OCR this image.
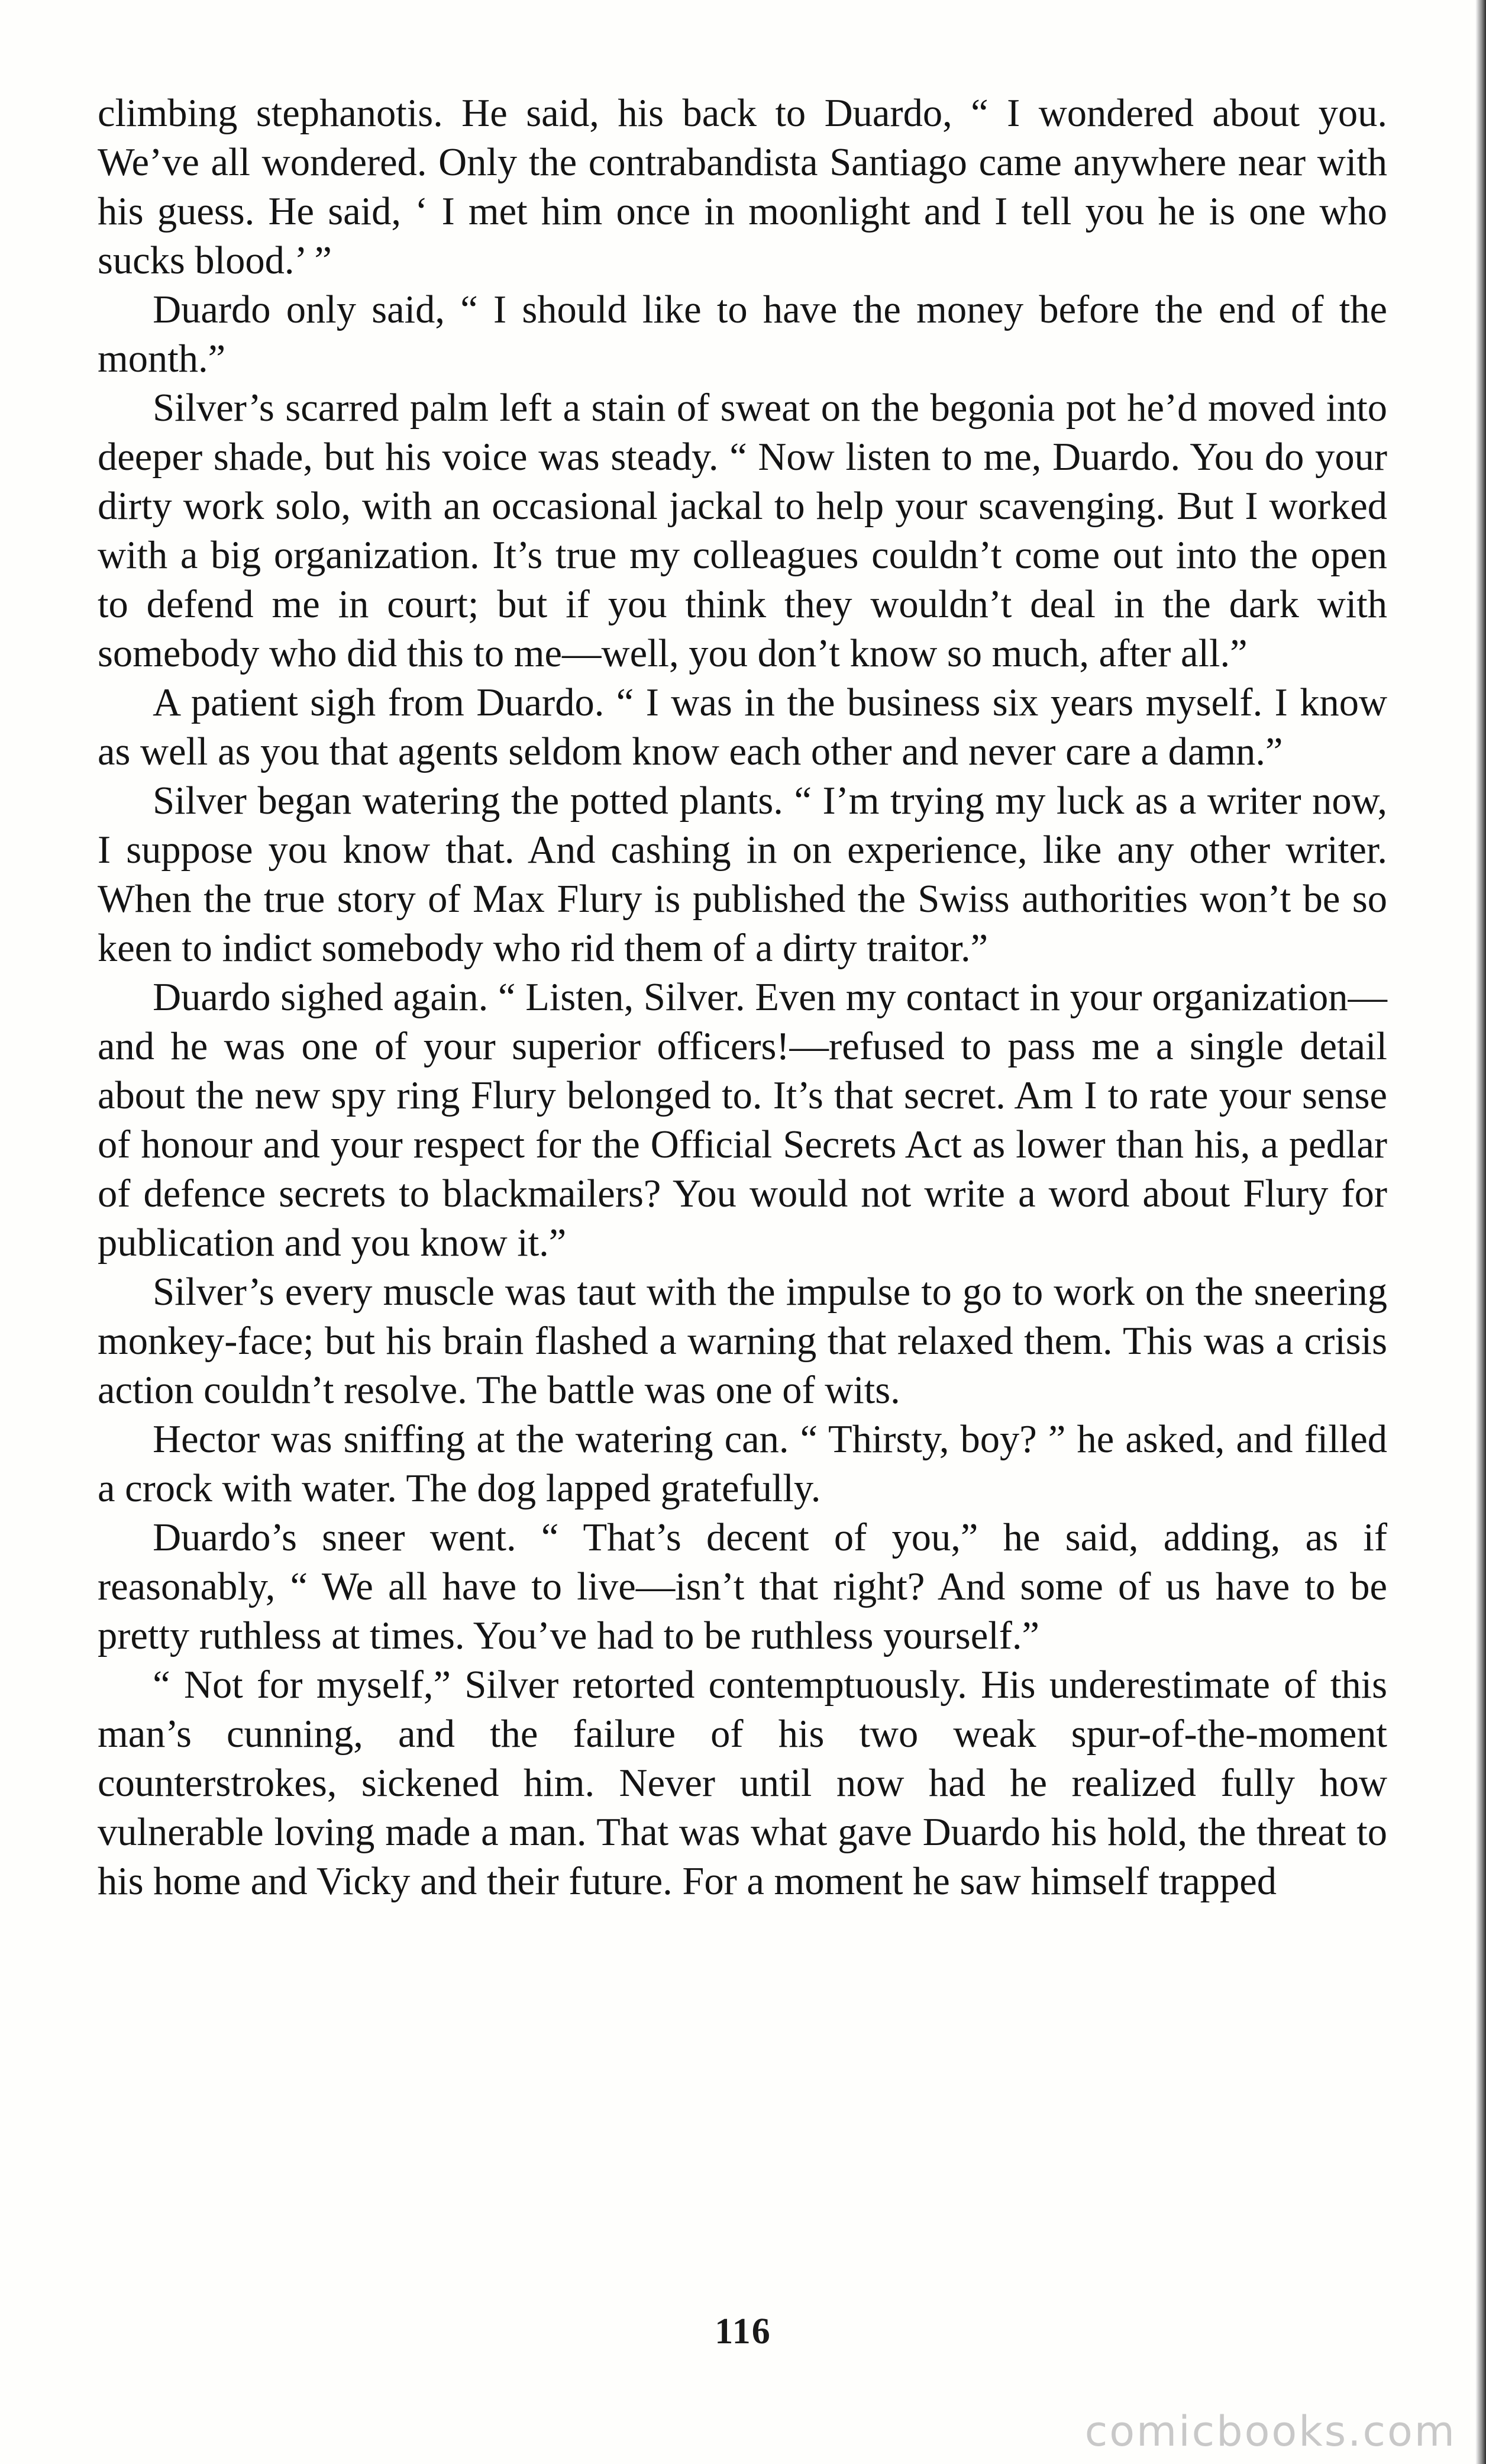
climbing stephanotis. He said, his back to Duardo, “ I wondered about you. We’ve all wondered. Only the contrabandista Santiago came anywhere near with his guess. He said, ‘ I met him once in moonlight and I tell you he is one who sucks blood.’ ”

Duardo only said, “ I should like to have the money before the end of the month.”

Silver’s scarred palm left a stain of sweat on the begonia pot he’d moved into deeper shade, but his voice was steady. “ Now listen to me, Duardo. You do your dirty work solo, with an occasional jackal to help your scavenging. But I worked with a big organization. It’s true my colleagues couldn’t come out into the open to defend me in court; but if you think they wouldn’t deal in the dark with somebody who did this to me—well, you don’t know so much, after all.”

A patient sigh from Duardo. “ I was in the business six years myself. I know as well as you that agents seldom know each other and never care a damn.”

Silver began watering the potted plants. “ I’m trying my luck as a writer now, I suppose you know that. And cashing in on experience, like any other writer. When the true story of Max Flury is published the Swiss authorities won’t be so keen to indict somebody who rid them of a dirty traitor.”

Duardo sighed again. “ Listen, Silver. Even my contact in your organization—and he was one of your superior officers!—refused to pass me a single detail about the new spy ring Flury belonged to. It’s that secret. Am I to rate your sense of honour and your respect for the Official Secrets Act as lower than his, a pedlar of defence secrets to blackmailers? You would not write a word about Flury for publication and you know it.”

Silver’s every muscle was taut with the impulse to go to work on the sneering monkey-face; but his brain flashed a warning that relaxed them. This was a crisis action couldn’t resolve. The battle was one of wits.

Hector was sniffing at the watering can. “ Thirsty, boy? ” he asked, and filled a crock with water. The dog lapped gratefully.

Duardo’s sneer went. “ That’s decent of you,” he said, adding, as if reasonably, “ We all have to live—isn’t that right? And some of us have to be pretty ruthless at times. You’ve had to be ruthless yourself.”

“ Not for myself,” Silver retorted contemptuously. His underestimate of this man’s cunning, and the failure of his two weak spur-of-the-moment counterstrokes, sickened him. Never until now had he realized fully how vulnerable loving made a man. That was what gave Duardo his hold, the threat to his home and Vicky and their future. For a moment he saw himself trapped

116
comicbooks.com
